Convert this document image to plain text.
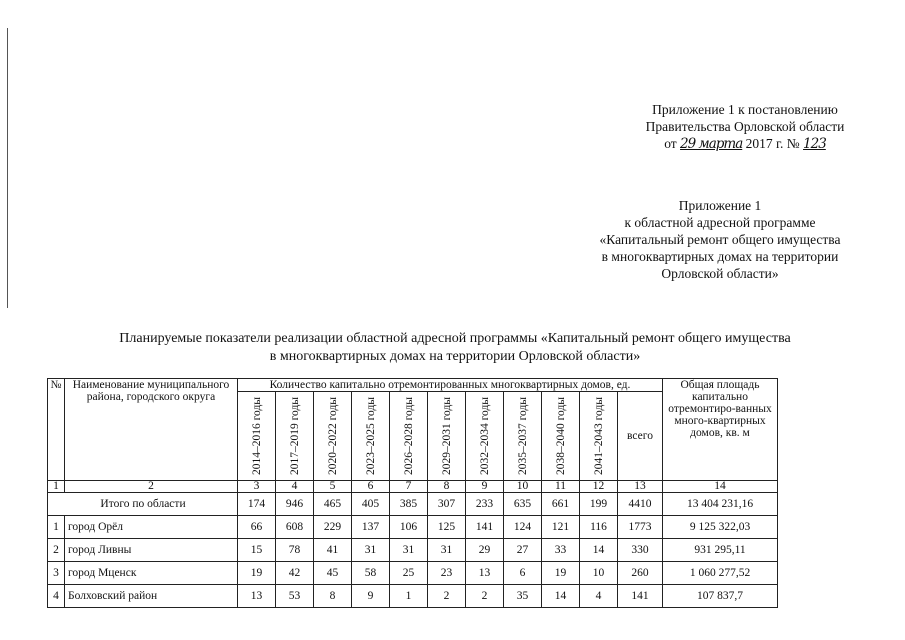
Приложение 1 к постановлению
Правительства Орловской области
от 29 марта 2017 г. № 123
Приложение 1
к областной адресной программе
«Капитальный ремонт общего имущества
в многоквартирных домах на территории
Орловской области»
Планируемые показатели реализации областной адресной программы «Капитальный ремонт общего имущества
в многоквартирных домах на территории Орловской области»
№	Наименование муниципального района, городского округа	Количество капитально отремонтированных многоквартирных домов, ед.											Общая площадь капитально отремонтиро-ванных много-квартирных домов, кв. м

		2014–2016 годы	2017–2019 годы	2020–2022 годы	2023–2025 годы	2026–2028 годы	2029–2031 годы	2032–2034 годы	2035–2037 годы	2038–2040 годы	2041–2043 годы	всего	
1	2	3	4	5	6	7	8	9	10	11	12	13	14
Итого по области		174	946	465	405	385	307	233	635	661	199	4410	13 404 231,16
1	город Орёл	66	608	229	137	106	125	141	124	121	116	1773	9 125 322,03
2	город Ливны	15	78	41	31	31	31	29	27	33	14	330	931 295,11
3	город Мценск	19	42	45	58	25	23	13	6	19	10	260	1 060 277,52
4	Болховский район	13	53	8	9	1	2	2	35	14	4	141	107 837,7
